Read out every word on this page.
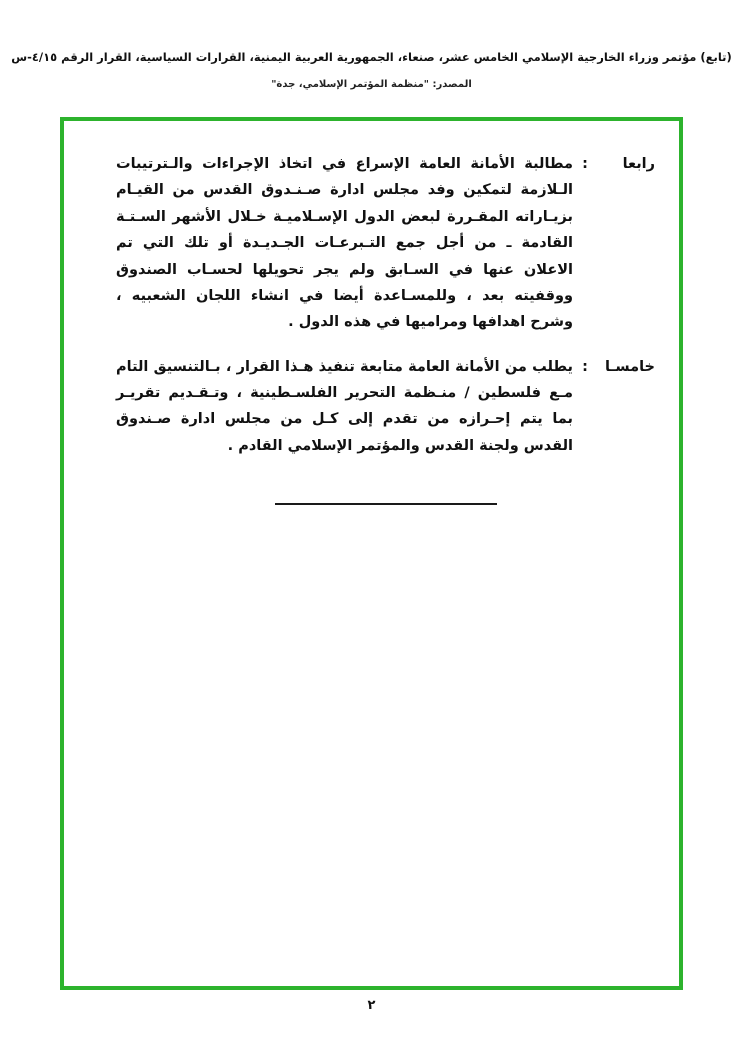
(تابع) مؤتمر وزراء الخارجية الإسلامي الخامس عشر، صنعاء، الجمهورية العربية اليمنية، القرارات السياسية، القرار الرقم ٤/١٥-س
المصدر: "منظمة المؤتمر الإسلامي، جدة"
رابعا
:
مطالبة الأمانة العامة الإسراع في اتخاذ الإجراءات والـترتيبات الـلازمة لتمكين وفد مجلس ادارة صـنـدوق القدس من القيـام بزيـاراته المقـررة لبعض الدول الإسـلاميـة خـلال الأشهر السـتـة القادمة ـ من أجل جمع التـبرعـات الجـديـدة أو تلك التي تم الاعلان عنها في السـابق ولم يجر تحويلها لحسـاب الصندوق ووقفيته بعد ، وللمسـاعدة أيضا في انشاء اللجان الشعبيه ، وشرح اهدافها ومراميها في هذه الدول .
خامسـا
:
يطلب من الأمانة العامة متابعة تنفيذ هـذا القرار ، بـالتنسيق التام مـع فلسطين / منـظمة التحرير الفلسـطينية ، وتـقـديم تقريـر بما يتم إحـرازه من تقدم إلى كـل من مجلس ادارة صـندوق القدس ولجنة القدس والمؤتمر الإسلامي القادم .
٢
